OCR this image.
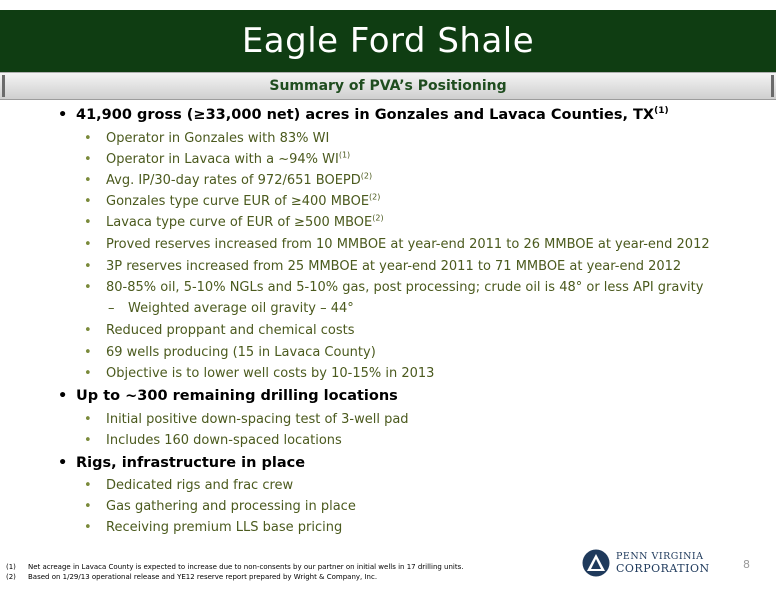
Eagle Ford Shale
Summary of PVA’s Positioning
• 41,900 gross (≥33,000 net) acres in Gonzales and Lavaca Counties, TX$^{(1)}$
• Operator in Gonzales with 83% WI
• Operator in Lavaca with a ~94% WI$^{(1)}$
• Avg. IP/30-day rates of 972/651 BOEPD$^{(2)}$
• Gonzales type curve EUR of ≥400 MBOE$^{(2)}$
• Lavaca type curve of EUR of ≥500 MBOE$^{(2)}$
• Proved reserves increased from 10 MMBOE at year-end 2011 to 26 MMBOE at year-end 2012
• 3P reserves increased from 25 MMBOE at year-end 2011 to 71 MMBOE at year-end 2012
• 80-85% oil, 5-10% NGLs and 5-10% gas, post processing; crude oil is 48° or less API gravity
– Weighted average oil gravity – 44°
• Reduced proppant and chemical costs
• 69 wells producing (15 in Lavaca County)
• Objective is to lower well costs by 10-15% in 2013
• Up to ~300 remaining drilling locations
• Initial positive down-spacing test of 3-well pad
• Includes 160 down-spaced locations
• Rigs, infrastructure in place
• Dedicated rigs and frac crew
• Gas gathering and processing in place
• Receiving premium LLS base pricing
(1)	Net acreage in Lavaca County is expected to increase due to non-consents by our partner on initial wells in 17 drilling units.
(2)	Based on 1/29/13 operational release and YE12 reserve report prepared by Wright & Company, Inc.
PENN VIRGINIA
CORPORATION	8
